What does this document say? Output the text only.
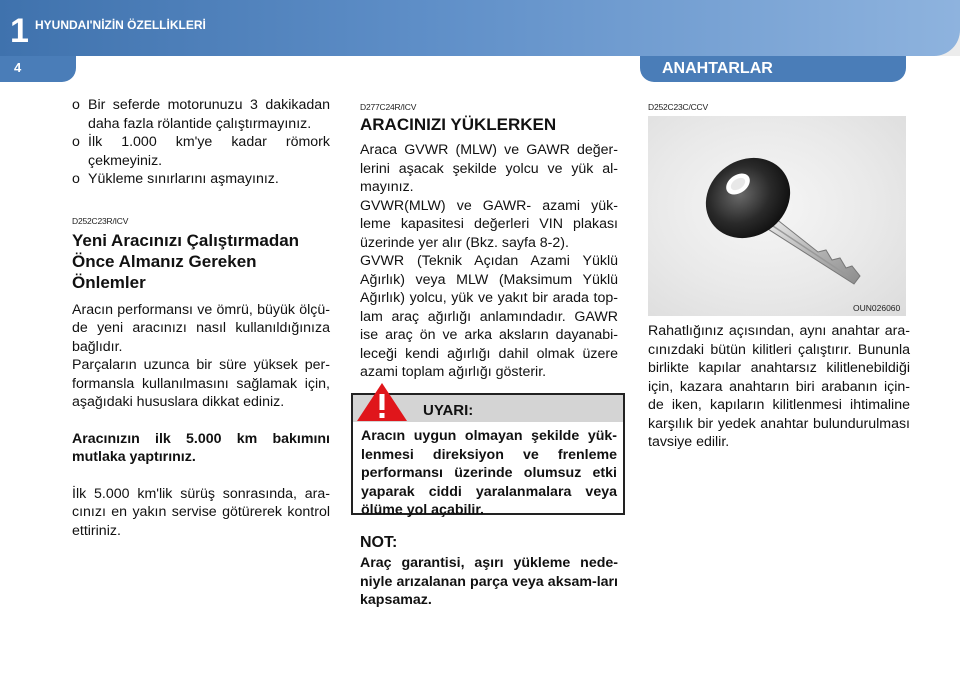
1 HYUNDAI'NİZİN ÖZELLİKLERİ
4	ANAHTARLAR
o Bir seferde motorunuzu 3 dakikadan daha fazla rölantide çalıştırmayınız.
o İlk 1.000 km'ye kadar römork çekmeyiniz.
o Yükleme sınırlarını aşmayınız.
D252C23R/ICV
Yeni Aracınızı Çalıştırmadan Önce Almanız Gereken Önlemler
Aracın performansı ve ömrü, büyük ölçü-de yeni aracınızı nasıl kullanıldığınıza bağlıdır.
Parçaların uzunca bir süre yüksek per-formansla kullanılmasını sağlamak için, aşağıdaki hususlara dikkat ediniz.
Aracınızın ilk 5.000 km bakımını mutlaka yaptırınız.
İlk 5.000 km'lik sürüş sonrasında, ara-cınızı en yakın servise götürerek kontrol ettiriniz.
D277C24R/ICV
ARACINIZI YÜKLERKEN
Araca GVWR (MLW) ve GAWR değer-lerini aşacak şekilde yolcu ve yük al-mayınız.
GVWR(MLW) ve GAWR- azami yük-leme kapasitesi değerleri VIN plakası üzerinde yer alır (Bkz. sayfa 8-2).
GVWR (Teknik Açıdan Azami Yüklü Ağırlık) veya MLW (Maksimum Yüklü Ağırlık) yolcu, yük ve yakıt bir arada top-lam araç ağırlığı anlamındadır. GAWR ise araç ön ve arka aksların dayanabi-leceği kendi ağırlığı dahil olmak üzere azami toplam ağırlığı gösterir.
UYARI:
Aracın uygun olmayan şekilde yük-lenmesi direksiyon ve frenleme performansı üzerinde olumsuz etki yaparak ciddi yaralanmalara veya ölüme yol açabilir.
NOT:
Araç garantisi, aşırı yükleme nede-niyle arızalanan parça veya aksam-ları kapsamaz.
D252C23C/CCV
OUN026060
Rahatlığınız açısından, aynı anahtar ara-cınızdaki bütün kilitleri çalıştırır. Bununla birlikte kapılar anahtarsız kilitlenebildiği için, kazara anahtarın biri arabanın için-de iken, kapıların kilitlenmesi ihtimaline karşılık bir yedek anahtar bulundurulması tavsiye edilir.
